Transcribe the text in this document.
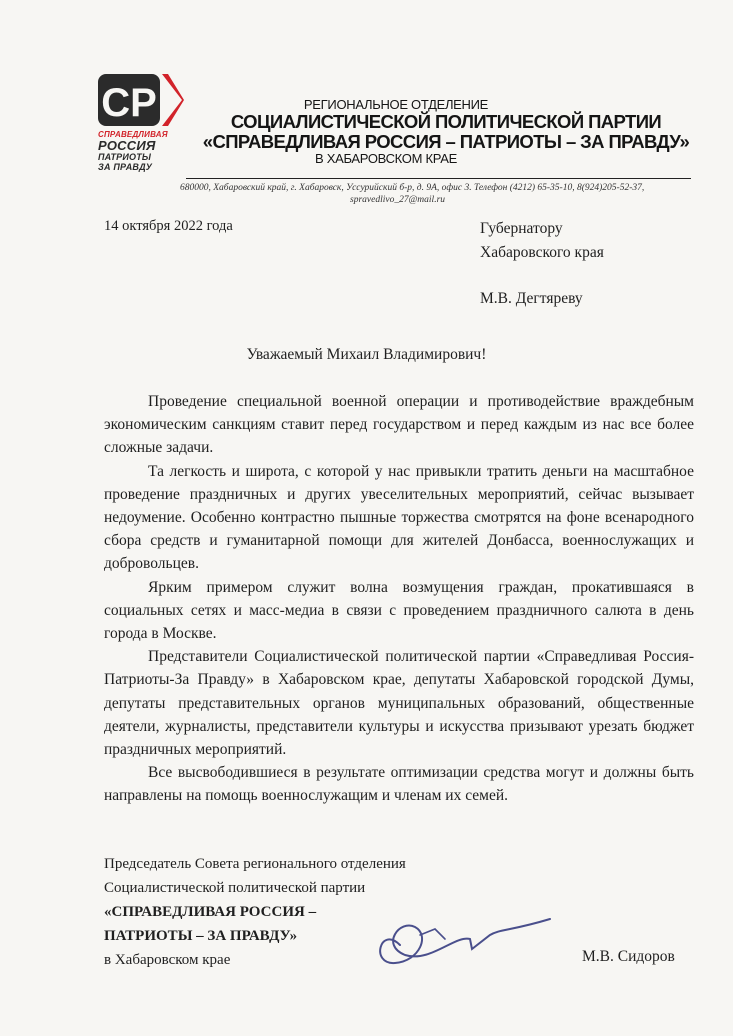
СР
СПРАВЕДЛИВАЯ
РОССИЯ
ПАТРИОТЫ
ЗА ПРАВДУ
РЕГИОНАЛЬНОЕ ОТДЕЛЕНИЕ
СОЦИАЛИСТИЧЕСКОЙ ПОЛИТИЧЕСКОЙ ПАРТИИ
«СПРАВЕДЛИВАЯ РОССИЯ – ПАТРИОТЫ – ЗА ПРАВДУ»
В ХАБАРОВСКОМ КРАЕ
680000, Хабаровский край, г. Хабаровск, Уссурийский б-р, д. 9А, офис 3. Телефон (4212) 65-35-10, 8(924)205-52-37,
spravedlivo_27@mail.ru
14 октября 2022 года	Губернатору
Хабаровского края
М.В. Дегтяреву
Уважаемый Михаил Владимирович!

Проведение специальной военной операции и противодействие враждебным экономическим санкциям ставит перед государством и перед каждым из нас все более сложные задачи.

Та легкость и широта, с которой у нас привыкли тратить деньги на масштабное проведение праздничных и других увеселительных мероприятий, сейчас вызывает недоумение. Особенно контрастно пышные торжества смотрятся на фоне всенародного сбора средств и гуманитарной помощи для жителей Донбасса, военнослужащих и добровольцев.

Ярким примером служит волна возмущения граждан, прокатившаяся в социальных сетях и масс-медиа в связи с проведением праздничного салюта в день города в Москве.

Представители Социалистической политической партии «Справедливая Россия-Патриоты-За Правду» в Хабаровском крае, депутаты Хабаровской городской Думы, депутаты представительных органов муниципальных образований, общественные деятели, журналисты, представители культуры и искусства призывают урезать бюджет праздничных мероприятий.

Все высвободившиеся в результате оптимизации средства могут и должны быть направлены на помощь военнослужащим и членам их семей.

Председатель Совета регионального отделения
Социалистической политической партии
«СПРАВЕДЛИВАЯ РОССИЯ –
ПАТРИОТЫ – ЗА ПРАВДУ»
в Хабаровском крае	М.В. Сидоров
